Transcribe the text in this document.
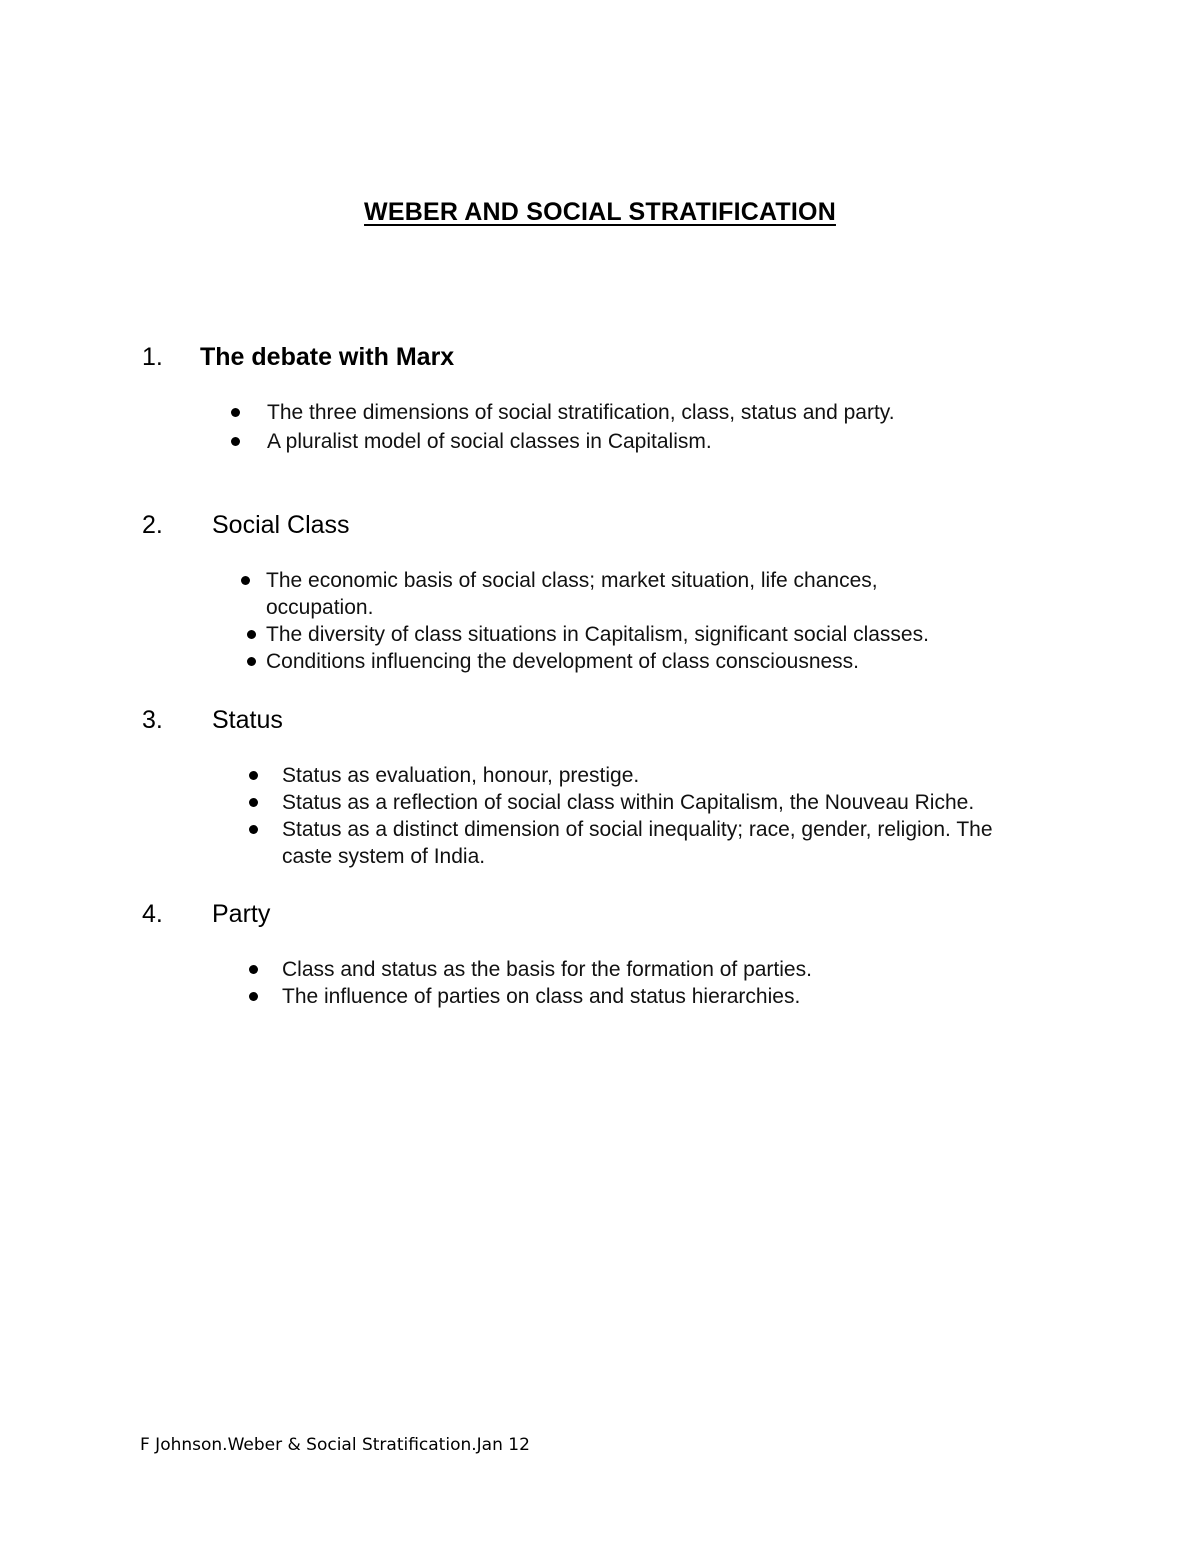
WEBER AND SOCIAL STRATIFICATION
1. The debate with Marx
The three dimensions of social stratification, class, status and party.
A pluralist model of social classes in Capitalism.
2. Social Class
The economic basis of social class; market situation, life chances, occupation.
The diversity of class situations in Capitalism, significant social classes.
Conditions influencing the development of class consciousness.
3. Status
Status as evaluation, honour, prestige.
Status as a reflection of social class within Capitalism, the Nouveau Riche.
Status as a distinct dimension of social inequality; race, gender, religion. The caste system of India.
4. Party
Class and status as the basis for the formation of parties.
The influence of parties on class and status hierarchies.
F Johnson.Weber & Social Stratification.Jan 12
